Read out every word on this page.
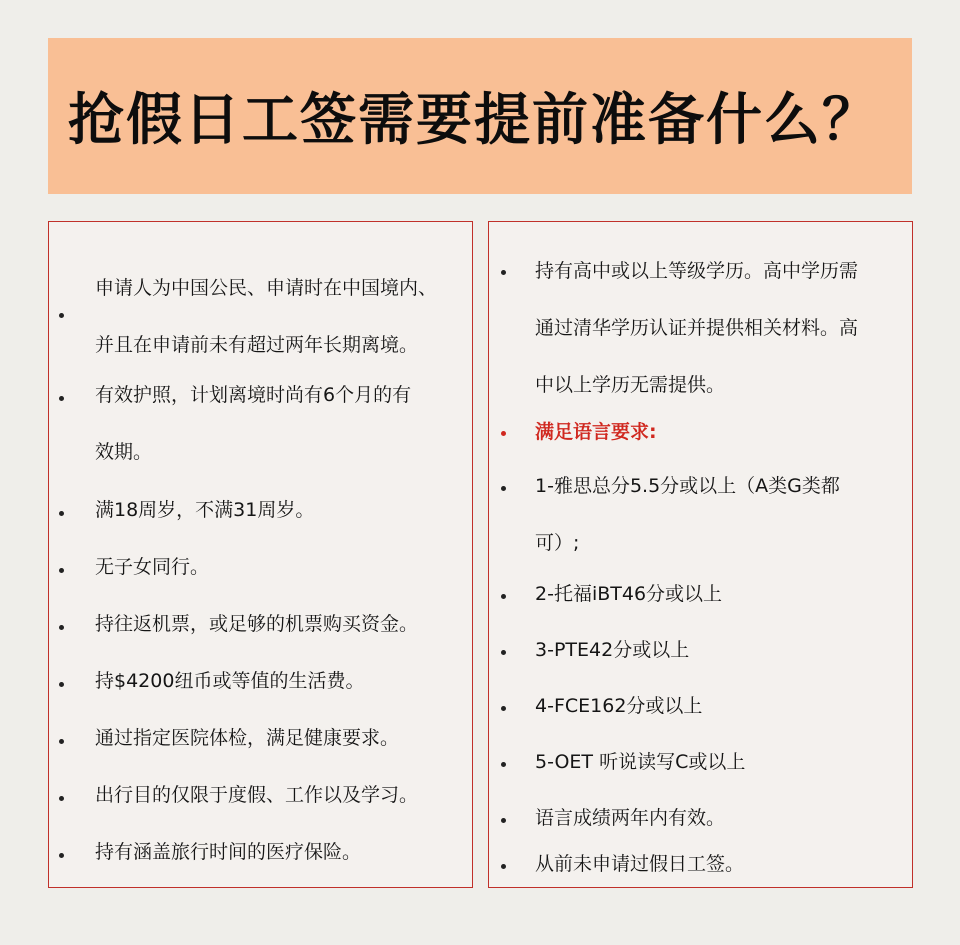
抢假日工签需要提前准备什么？
申请人为中国公民、申请时在中国境内、
并且在申请前未有超过两年长期离境。
有效护照，计划离境时尚有6个月的有
效期。
满18周岁，不满31周岁。
无子女同行。
持往返机票，或足够的机票购买资金。
持$4200纽币或等值的生活费。
通过指定医院体检，满足健康要求。
出行目的仅限于度假、工作以及学习。
持有涵盖旅行时间的医疗保险。
持有高中或以上等级学历。高中学历需
通过清华学历认证并提供相关材料。高
中以上学历无需提供。
满足语言要求:
1-雅思总分5.5分或以上（A类G类都
可）;
2-托福iBT46分或以上
3-PTE42分或以上
4-FCE162分或以上
5-OET 听说读写C或以上
语言成绩两年内有效。
从前未申请过假日工签。
